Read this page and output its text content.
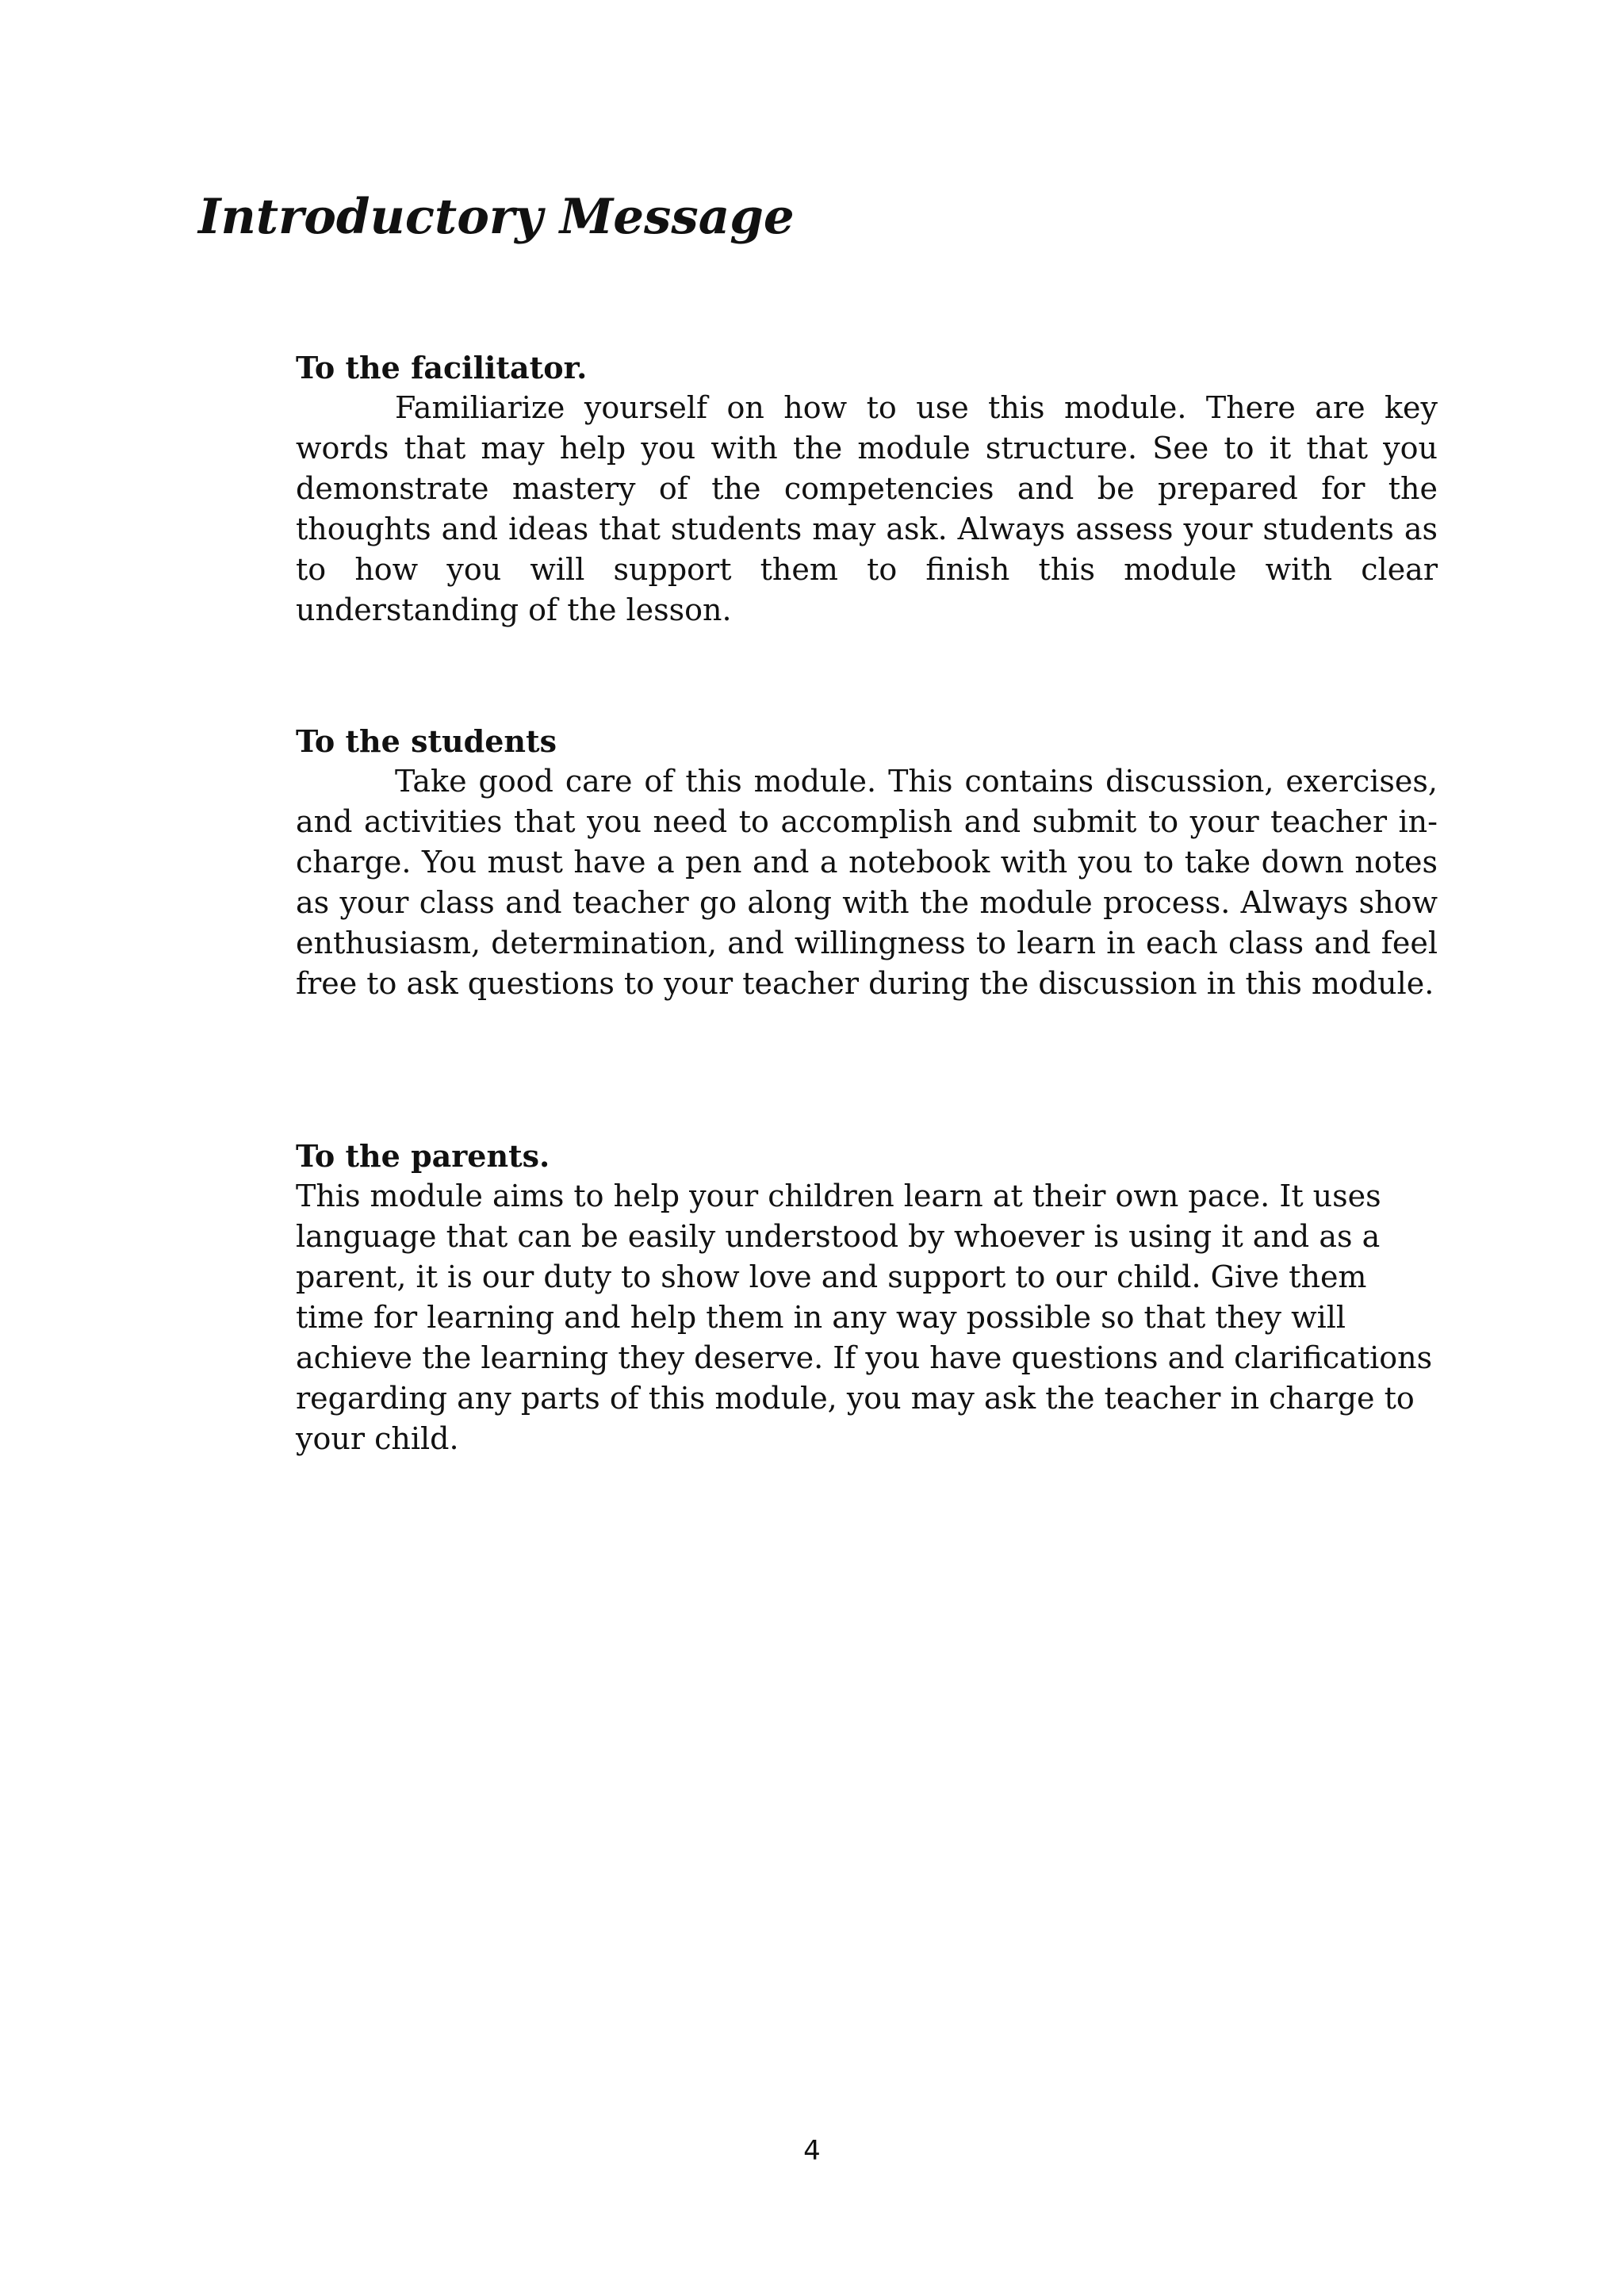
Introductory Message
To the facilitator.

Familiarize yourself on how to use this module. There are key words that may help you with the module structure. See to it that you demonstrate mastery of the competencies and be prepared for the thoughts and ideas that students may ask. Always assess your students as to how you will support them to finish this module with clear understanding of the lesson.

To the students

Take good care of this module. This contains discussion, exercises, and activities that you need to accomplish and submit to your teacher in-charge. You must have a pen and a notebook with you to take down notes as your class and teacher go along with the module process. Always show enthusiasm, determination, and willingness to learn in each class and feel free to ask questions to your teacher during the discussion in this module.

To the parents.

This module aims to help your children learn at their own pace. It uses language that can be easily understood by whoever is using it and as a parent, it is our duty to show love and support to our child. Give them time for learning and help them in any way possible so that they will achieve the learning they deserve. If you have questions and clarifications regarding any parts of this module, you may ask the teacher in charge to your child.

4
